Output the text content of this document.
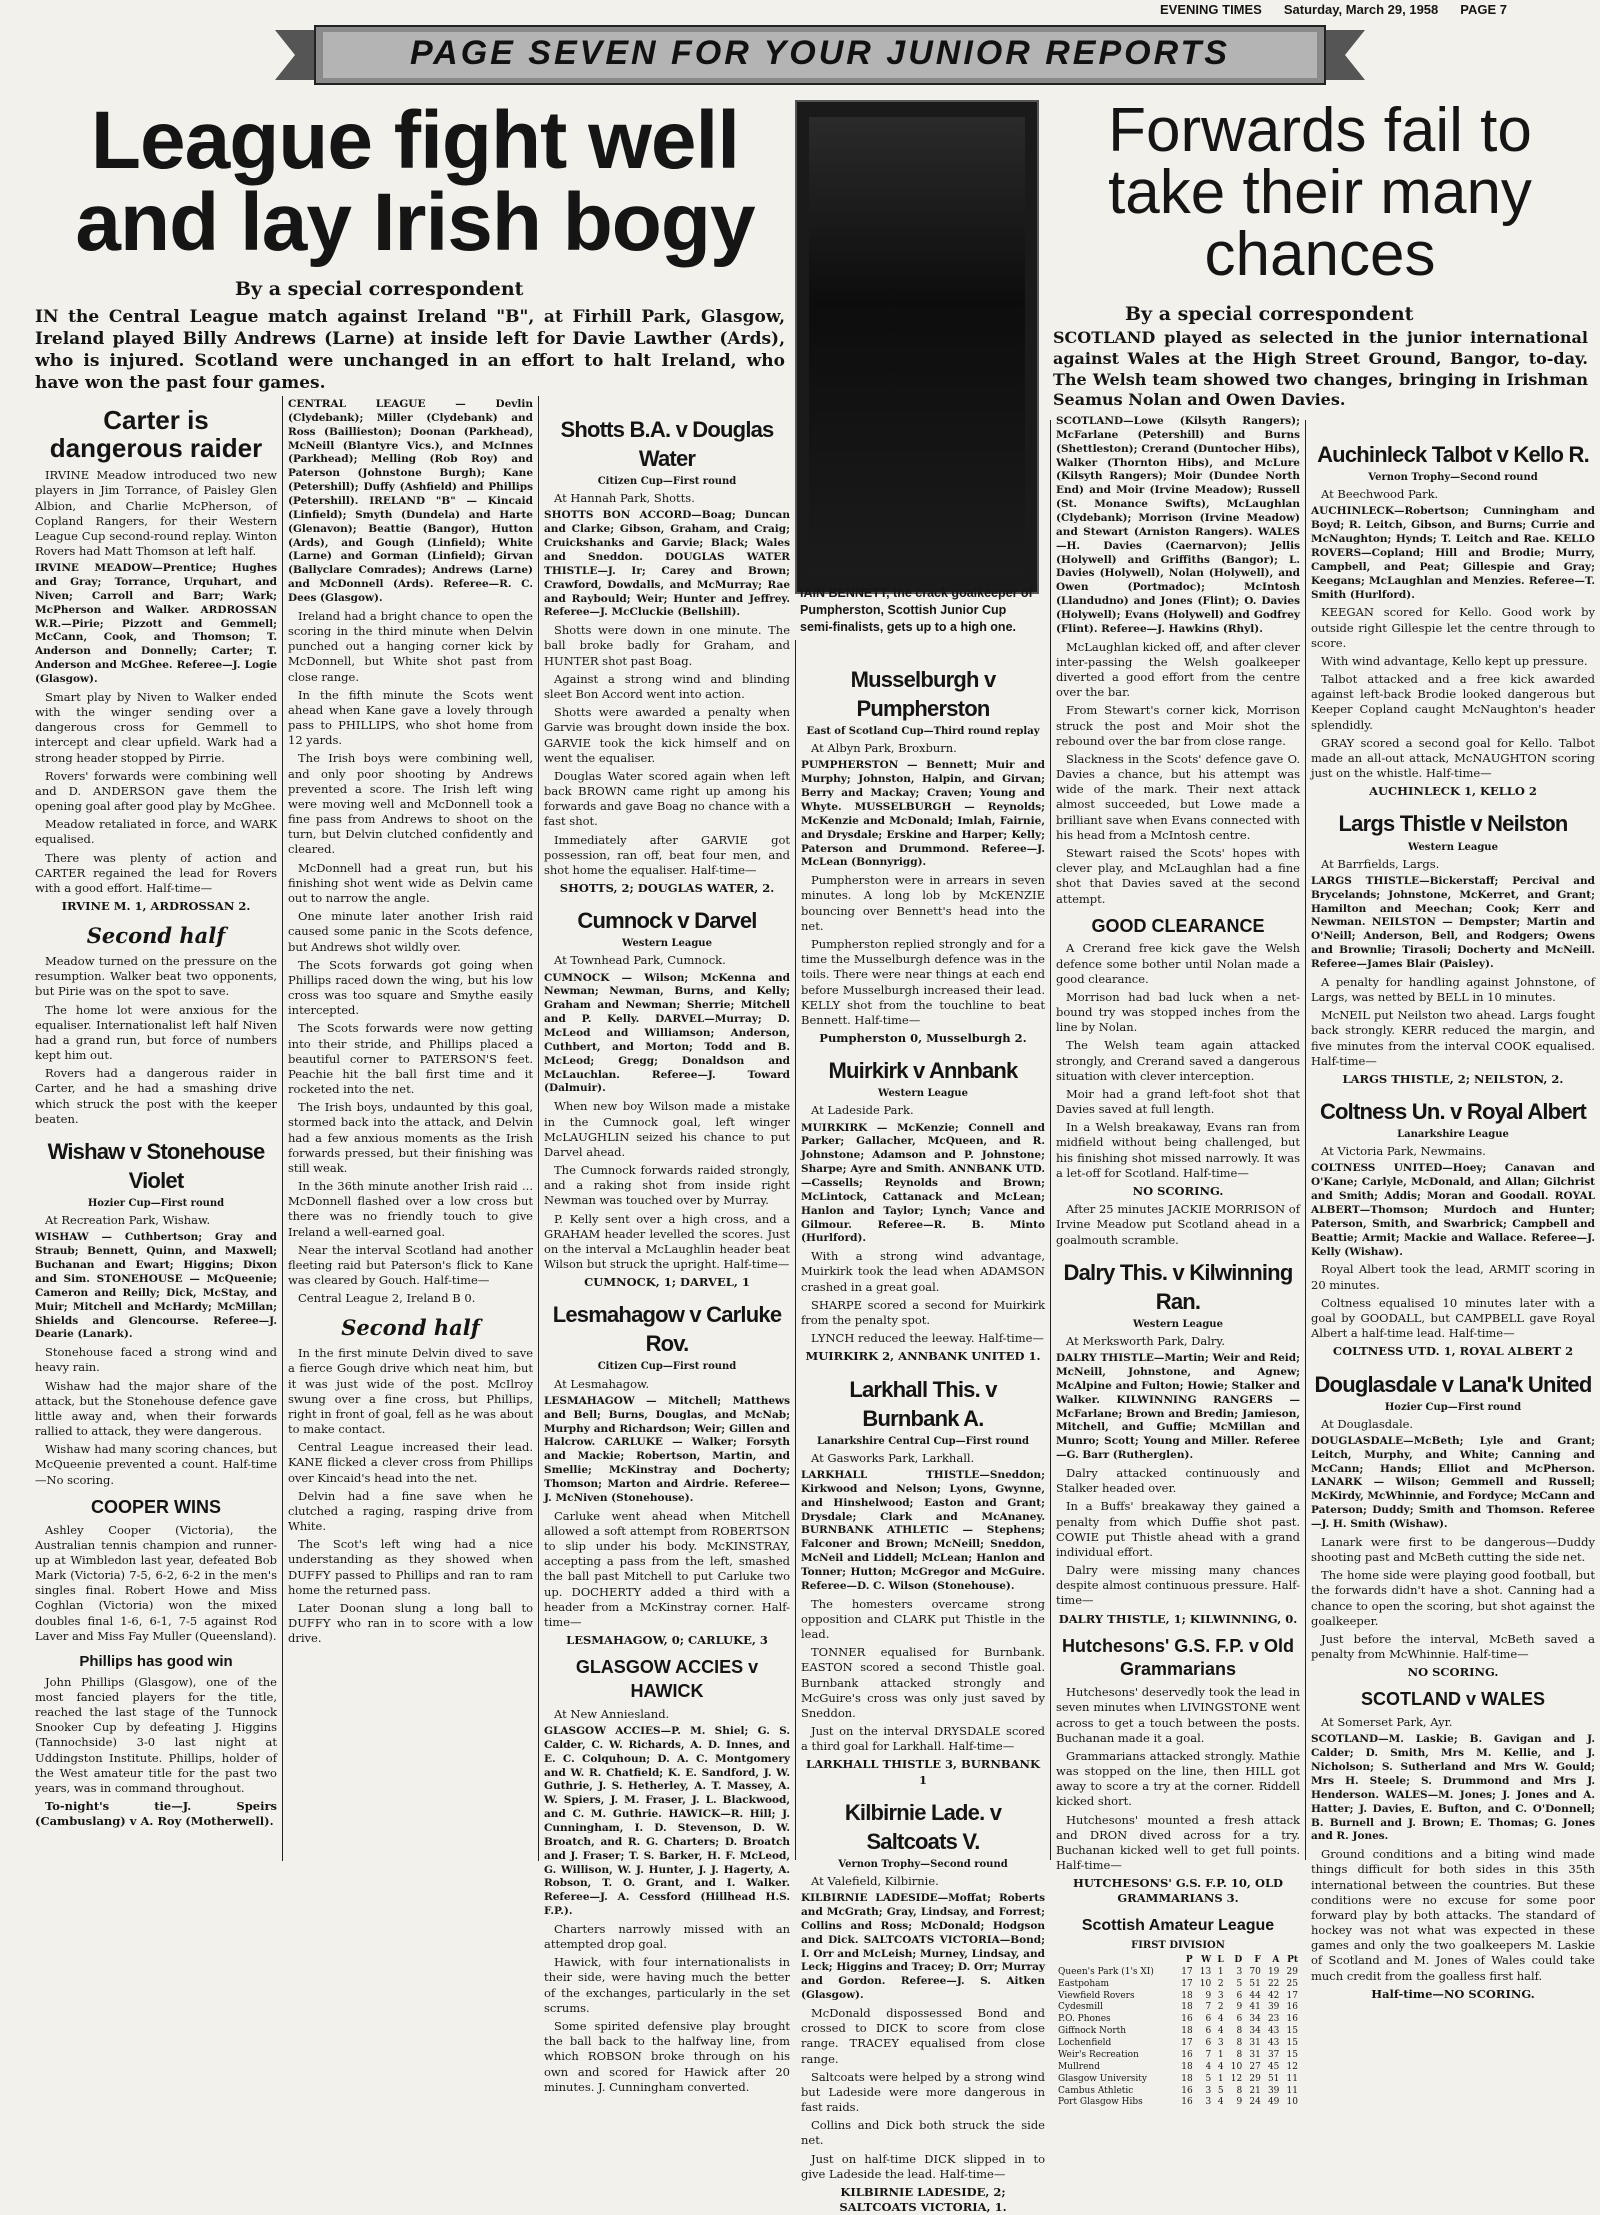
EVENING TIMES Saturday, March 29, 1958 PAGE 7
PAGE SEVEN FOR YOUR JUNIOR REPORTS
League fight well and lay Irish bogy
By a special correspondent
IN the Central League match against Ireland "B", at Firhill Park, Glasgow, Ireland played Billy Andrews (Larne) at inside left for Davie Lawther (Ards), who is injured. Scotland were unchanged in an effort to halt Ireland, who have won the past four games.
IAIN BENNETT, the crack goalkeeper of Pumpherston, Scottish Junior Cup semi-finalists, gets up to a high one.
Forwards fail to take their many chances
By a special correspondent
SCOTLAND played as selected in the junior international against Wales at the High Street Ground, Bangor, to-day. The Welsh team showed two changes, bringing in Irishman Seamus Nolan and Owen Davies.
Carter is dangerous raider

IRVINE Meadow introduced two new players in Jim Torrance, of Paisley Glen Albion, and Charlie McPherson, of Copland Rangers, for their Western League Cup second-round replay. Winton Rovers had Matt Thomson at left half.

IRVINE MEADOW—Prentice; Hughes and Gray; Torrance, Urquhart, and Niven; Carroll and Barr; Wark; McPherson and Walker. ARDROSSAN W.R.—Pirie; Pizzott and Gemmell; McCann, Cook, and Thomson; T. Anderson and Donnelly; Carter; T. Anderson and McGhee. Referee—J. Logie (Glasgow).

Smart play by Niven to Walker ended with the winger sending over a dangerous cross for Gemmell to intercept and clear upfield. Wark had a strong header stopped by Pirrie.

Rovers' forwards were combining well and D. ANDERSON gave them the opening goal after good play by McGhee.

Meadow retaliated in force, and WARK equalised.

There was plenty of action and CARTER regained the lead for Rovers with a good effort. Half-time—

IRVINE M. 1, ARDROSSAN 2.

Second half

Meadow turned on the pressure on the resumption. Walker beat two opponents, but Pirie was on the spot to save.

The home lot were anxious for the equaliser. Internationalist left half Niven had a grand run, but force of numbers kept him out.

Rovers had a dangerous raider in Carter, and he had a smashing drive which struck the post with the keeper beaten.

Wishaw v Stonehouse Violet
Hozier Cup—First round

At Recreation Park, Wishaw.

WISHAW — Cuthbertson; Gray and Straub; Bennett, Quinn, and Maxwell; Buchanan and Ewart; Higgins; Dixon and Sim. STONEHOUSE — McQueenie; Cameron and Reilly; Dick, McStay, and Muir; Mitchell and McHardy; McMillan; Shields and Glencourse. Referee—J. Dearie (Lanark).

Stonehouse faced a strong wind and heavy rain.

Wishaw had the major share of the attack, but the Stonehouse defence gave little away and, when their forwards rallied to attack, they were dangerous.

Wishaw had many scoring chances, but McQueenie prevented a count. Half-time—No scoring.

COOPER WINS

Ashley Cooper (Victoria), the Australian tennis champion and runner-up at Wimbledon last year, defeated Bob Mark (Victoria) 7-5, 6-2, 6-2 in the men's singles final. Robert Howe and Miss Coghlan (Victoria) won the mixed doubles final 1-6, 6-1, 7-5 against Rod Laver and Miss Fay Muller (Queensland).

Phillips has good win

John Phillips (Glasgow), one of the most fancied players for the title, reached the last stage of the Tunnock Snooker Cup by defeating J. Higgins (Tannochside) 3-0 last night at Uddingston Institute. Phillips, holder of the West amateur title for the past two years, was in command throughout.

To-night's tie—J. Speirs (Cambuslang) v A. Roy (Motherwell).

CENTRAL LEAGUE — Devlin (Clydebank); Miller (Clydebank) and Ross (Baillieston); Doonan (Parkhead), McNeill (Blantyre Vics.), and McInnes (Parkhead); Melling (Rob Roy) and Paterson (Johnstone Burgh); Kane (Petershill); Duffy (Ashfield) and Phillips (Petershill). IRELAND "B" — Kincaid (Linfield); Smyth (Dundela) and Harte (Glenavon); Beattie (Bangor), Hutton (Ards), and Gough (Linfield); White (Larne) and Gorman (Linfield); Girvan (Ballyclare Comrades); Andrews (Larne) and McDonnell (Ards). Referee—R. C. Dees (Glasgow).

Ireland had a bright chance to open the scoring in the third minute when Delvin punched out a hanging corner kick by McDonnell, but White shot past from close range.

In the fifth minute the Scots went ahead when Kane gave a lovely through pass to PHILLIPS, who shot home from 12 yards.

The Irish boys were combining well, and only poor shooting by Andrews prevented a score. The Irish left wing were moving well and McDonnell took a fine pass from Andrews to shoot on the turn, but Delvin clutched confidently and cleared.

McDonnell had a great run, but his finishing shot went wide as Delvin came out to narrow the angle.

One minute later another Irish raid caused some panic in the Scots defence, but Andrews shot wildly over.

The Scots forwards got going when Phillips raced down the wing, but his low cross was too square and Smythe easily intercepted.

The Scots forwards were now getting into their stride, and Phillips placed a beautiful corner to PATERSON'S feet. Peachie hit the ball first time and it rocketed into the net.

The Irish boys, undaunted by this goal, stormed back into the attack, and Delvin had a few anxious moments as the Irish forwards pressed, but their finishing was still weak.

In the 36th minute another Irish raid ... McDonnell flashed over a low cross but there was no friendly touch to give Ireland a well-earned goal.

Near the interval Scotland had another fleeting raid but Paterson's flick to Kane was cleared by Gouch. Half-time—

Central League 2, Ireland B 0.

Second half

In the first minute Delvin dived to save a fierce Gough drive which neat him, but it was just wide of the post. McIlroy swung over a fine cross, but Phillips, right in front of goal, fell as he was about to make contact.

Central League increased their lead. KANE flicked a clever cross from Phillips over Kincaid's head into the net.

Delvin had a fine save when he clutched a raging, rasping drive from White.

The Scot's left wing had a nice understanding as they showed when DUFFY passed to Phillips and ran to ram home the returned pass.

Later Doonan slung a long ball to DUFFY who ran in to score with a low drive.

Shotts B.A. v Douglas Water
Citizen Cup—First round

At Hannah Park, Shotts.

SHOTTS BON ACCORD—Boag; Duncan and Clarke; Gibson, Graham, and Craig; Cruickshanks and Garvie; Black; Wales and Sneddon. DOUGLAS WATER THISTLE—J. Ir; Carey and Brown; Crawford, Dowdalls, and McMurray; Rae and Raybould; Weir; Hunter and Jeffrey. Referee—J. McCluckie (Bellshill).

Shotts were down in one minute. The ball broke badly for Graham, and HUNTER shot past Boag.

Against a strong wind and blinding sleet Bon Accord went into action.

Shotts were awarded a penalty when Garvie was brought down inside the box. GARVIE took the kick himself and on went the equaliser.

Douglas Water scored again when left back BROWN came right up among his forwards and gave Boag no chance with a fast shot.

Immediately after GARVIE got possession, ran off, beat four men, and shot home the equaliser. Half-time—

SHOTTS, 2; DOUGLAS WATER, 2.

Cumnock v Darvel
Western League

At Townhead Park, Cumnock.

CUMNOCK — Wilson; McKenna and Newman; Newman, Burns, and Kelly; Graham and Newman; Sherrie; Mitchell and P. Kelly. DARVEL—Murray; D. McLeod and Williamson; Anderson, Cuthbert, and Morton; Todd and B. McLeod; Gregg; Donaldson and McLauchlan. Referee—J. Toward (Dalmuir).

When new boy Wilson made a mistake in the Cumnock goal, left winger McLAUGHLIN seized his chance to put Darvel ahead.

The Cumnock forwards raided strongly, and a raking shot from inside right Newman was touched over by Murray.

P. Kelly sent over a high cross, and a GRAHAM header levelled the scores. Just on the interval a McLaughlin header beat Wilson but struck the upright. Half-time—

CUMNOCK, 1; DARVEL, 1

Lesmahagow v Carluke Rov.
Citizen Cup—First round

At Lesmahagow.

LESMAHAGOW — Mitchell; Matthews and Bell; Burns, Douglas, and McNab; Murphy and Richardson; Weir; Gillen and Halcrow. CARLUKE — Walker; Forsyth and Mackie; Robertson, Martin, and Smellie; McKinstray and Docherty; Thomson; Marton and Airdrie. Referee—J. McNiven (Stonehouse).

Carluke went ahead when Mitchell allowed a soft attempt from ROBERTSON to slip under his body. McKINSTRAY, accepting a pass from the left, smashed the ball past Mitchell to put Carluke two up. DOCHERTY added a third with a header from a McKinstray corner. Half-time—

LESMAHAGOW, 0; CARLUKE, 3

GLASGOW ACCIES v HAWICK

At New Anniesland.

GLASGOW ACCIES—P. M. Shiel; G. S. Calder, C. W. Richards, A. D. Innes, and E. C. Colquhoun; D. A. C. Montgomery and W. R. Chatfield; K. E. Sandford, J. W. Guthrie, J. S. Hetherley, A. T. Massey, A. W. Spiers, J. M. Fraser, J. L. Blackwood, and C. M. Guthrie. HAWICK—R. Hill; J. Cunningham, I. D. Stevenson, D. W. Broatch, and R. G. Charters; D. Broatch and J. Fraser; T. S. Barker, H. F. McLeod, G. Willison, W. J. Hunter, J. J. Hagerty, A. Robson, T. O. Grant, and I. Walker. Referee—J. A. Cessford (Hillhead H.S. F.P.).

Charters narrowly missed with an attempted drop goal.

Hawick, with four internationalists in their side, were having much the better of the exchanges, particularly in the set scrums.

Some spirited defensive play brought the ball back to the halfway line, from which ROBSON broke through on his own and scored for Hawick after 20 minutes. J. Cunningham converted.

Musselburgh v Pumpherston
East of Scotland Cup—Third round replay

At Albyn Park, Broxburn.

PUMPHERSTON — Bennett; Muir and Murphy; Johnston, Halpin, and Girvan; Berry and Mackay; Craven; Young and Whyte. MUSSELBURGH — Reynolds; McKenzie and McDonald; Imlah, Fairnie, and Drysdale; Erskine and Harper; Kelly; Paterson and Drummond. Referee—J. McLean (Bonnyrigg).

Pumpherston were in arrears in seven minutes. A long lob by McKENZIE bouncing over Bennett's head into the net.

Pumpherston replied strongly and for a time the Musselburgh defence was in the toils. There were near things at each end before Musselburgh increased their lead. KELLY shot from the touchline to beat Bennett. Half-time—

Pumpherston 0, Musselburgh 2.

Muirkirk v Annbank
Western League

At Ladeside Park.

MUIRKIRK — McKenzie; Connell and Parker; Gallacher, McQueen, and R. Johnstone; Adamson and P. Johnstone; Sharpe; Ayre and Smith. ANNBANK UTD.—Cassells; Reynolds and Brown; McLintock, Cattanack and McLean; Hanlon and Taylor; Lynch; Vance and Gilmour. Referee—R. B. Minto (Hurlford).

With a strong wind advantage, Muirkirk took the lead when ADAMSON crashed in a great goal.

SHARPE scored a second for Muirkirk from the penalty spot.

LYNCH reduced the leeway. Half-time—

MUIRKIRK 2, ANNBANK UNITED 1.

Larkhall This. v Burnbank A.
Lanarkshire Central Cup—First round

At Gasworks Park, Larkhall.

LARKHALL THISTLE—Sneddon; Kirkwood and Nelson; Lyons, Gwynne, and Hinshelwood; Easton and Grant; Drysdale; Clark and McAnaney. BURNBANK ATHLETIC — Stephens; Falconer and Brown; McNeill; Sneddon, McNeil and Liddell; McLean; Hanlon and Tonner; Hutton; McGregor and McGuire. Referee—D. C. Wilson (Stonehouse).

The homesters overcame strong opposition and CLARK put Thistle in the lead.

TONNER equalised for Burnbank. EASTON scored a second Thistle goal. Burnbank attacked strongly and McGuire's cross was only just saved by Sneddon.

Just on the interval DRYSDALE scored a third goal for Larkhall. Half-time—

LARKHALL THISTLE 3, BURNBANK 1

Kilbirnie Lade. v Saltcoats V.
Vernon Trophy—Second round

At Valefield, Kilbirnie.

KILBIRNIE LADESIDE—Moffat; Roberts and McGrath; Gray, Lindsay, and Forrest; Collins and Ross; McDonald; Hodgson and Dick. SALTCOATS VICTORIA—Bond; I. Orr and McLeish; Murney, Lindsay, and Leck; Higgins and Tracey; D. Orr; Murray and Gordon. Referee—J. S. Aitken (Glasgow).

McDonald dispossessed Bond and crossed to DICK to score from close range. TRACEY equalised from close range.

Saltcoats were helped by a strong wind but Ladeside were more dangerous in fast raids.

Collins and Dick both struck the side net.

Just on half-time DICK slipped in to give Ladeside the lead. Half-time—

KILBIRNIE LADESIDE, 2; SALTCOATS VICTORIA, 1.

SCOTLAND—Lowe (Kilsyth Rangers); McFarlane (Petershill) and Burns (Shettleston); Crerand (Duntocher Hibs), Walker (Thornton Hibs), and McLure (Kilsyth Rangers); Moir (Dundee North End) and Moir (Irvine Meadow); Russell (St. Monance Swifts), McLaughlan (Clydebank); Morrison (Irvine Meadow) and Stewart (Arniston Rangers). WALES—H. Davies (Caernarvon); Jellis (Holywell) and Griffiths (Bangor); L. Davies (Holywell), Nolan (Holywell), and Owen (Portmadoc); McIntosh (Llandudno) and Jones (Flint); O. Davies (Holywell); Evans (Holywell) and Godfrey (Flint). Referee—J. Hawkins (Rhyl).

McLaughlan kicked off, and after clever inter-passing the Welsh goalkeeper diverted a good effort from the centre over the bar.

From Stewart's corner kick, Morrison struck the post and Moir shot the rebound over the bar from close range.

Slackness in the Scots' defence gave O. Davies a chance, but his attempt was wide of the mark. Their next attack almost succeeded, but Lowe made a brilliant save when Evans connected with his head from a McIntosh centre.

Stewart raised the Scots' hopes with clever play, and McLaughlan had a fine shot that Davies saved at the second attempt.

GOOD CLEARANCE

A Crerand free kick gave the Welsh defence some bother until Nolan made a good clearance.

Morrison had bad luck when a net-bound try was stopped inches from the line by Nolan.

The Welsh team again attacked strongly, and Crerand saved a dangerous situation with clever interception.

Moir had a grand left-foot shot that Davies saved at full length.

In a Welsh breakaway, Evans ran from midfield without being challenged, but his finishing shot missed narrowly. It was a let-off for Scotland. Half-time—

NO SCORING.

After 25 minutes JACKIE MORRISON of Irvine Meadow put Scotland ahead in a goalmouth scramble.

Dalry This. v Kilwinning Ran.
Western League

At Merksworth Park, Dalry.

DALRY THISTLE—Martin; Weir and Reid; McNeill, Johnstone, and Agnew; McAlpine and Fulton; Howie; Stalker and Walker. KILWINNING RANGERS — McFarlane; Brown and Bredin; Jamieson, Mitchell, and Guffie; McMillan and Munro; Scott; Young and Miller. Referee—G. Barr (Rutherglen).

Dalry attacked continuously and Stalker headed over.

In a Buffs' breakaway they gained a penalty from which Duffie shot past. COWIE put Thistle ahead with a grand individual effort.

Dalry were missing many chances despite almost continuous pressure. Half-time—

DALRY THISTLE, 1; KILWINNING, 0.

Hutchesons' G.S. F.P. v Old Grammarians

Hutchesons' deservedly took the lead in seven minutes when LIVINGSTONE went across to get a touch between the posts. Buchanan made it a goal.

Grammarians attacked strongly. Mathie was stopped on the line, then HILL got away to score a try at the corner. Riddell kicked short.

Hutchesons' mounted a fresh attack and DRON dived across for a try. Buchanan kicked well to get full points. Half-time—

HUTCHESONS' G.S. F.P. 10, OLD GRAMMARIANS 3.

Scottish Amateur League
FIRST DIVISION
	P	W	L	D	F	A	Pt
Queen's Park (1's XI)	17	13	1	3	70	19	29
Eastpoham	17	10	2	5	51	22	25
Viewfield Rovers	18	9	3	6	44	42	17
Cydesmill	18	7	2	9	41	39	16
P.O. Phones	16	6	4	6	34	23	16
Giffnock North	18	6	4	8	34	43	15
Lochenfield	17	6	3	8	31	43	15
Weir's Recreation	16	7	1	8	31	37	15
Mullrend	18	4	4	10	27	45	12
Glasgow University	18	5	1	12	29	51	11
Cambus Athletic	16	3	5	8	21	39	11
Port Glasgow Hibs	16	3	4	9	24	49	10
Auchinleck Talbot v Kello R.
Vernon Trophy—Second round

At Beechwood Park.

AUCHINLECK—Robertson; Cunningham and Boyd; R. Leitch, Gibson, and Burns; Currie and McNaughton; Hynds; T. Leitch and Rae. KELLO ROVERS—Copland; Hill and Brodie; Murry, Campbell, and Peat; Gillespie and Gray; Keegans; McLaughlan and Menzies. Referee—T. Smith (Hurlford).

KEEGAN scored for Kello. Good work by outside right Gillespie let the centre through to score.

With wind advantage, Kello kept up pressure.

Talbot attacked and a free kick awarded against left-back Brodie looked dangerous but Keeper Copland caught McNaughton's header splendidly.

GRAY scored a second goal for Kello. Talbot made an all-out attack, McNAUGHTON scoring just on the whistle. Half-time—

AUCHINLECK 1, KELLO 2

Largs Thistle v Neilston
Western League

At Barrfields, Largs.

LARGS THISTLE—Bickerstaff; Percival and Brycelands; Johnstone, McKerret, and Grant; Hamilton and Meechan; Cook; Kerr and Newman. NEILSTON — Dempster; Martin and O'Neill; Anderson, Bell, and Rodgers; Owens and Brownlie; Tirasoli; Docherty and McNeill. Referee—James Blair (Paisley).

A penalty for handling against Johnstone, of Largs, was netted by BELL in 10 minutes.

McNEIL put Neilston two ahead. Largs fought back strongly. KERR reduced the margin, and five minutes from the interval COOK equalised. Half-time—

LARGS THISTLE, 2; NEILSTON, 2.

Coltness Un. v Royal Albert
Lanarkshire League

At Victoria Park, Newmains.

COLTNESS UNITED—Hoey; Canavan and O'Kane; Carlyle, McDonald, and Allan; Gilchrist and Smith; Addis; Moran and Goodall. ROYAL ALBERT—Thomson; Murdoch and Hunter; Paterson, Smith, and Swarbrick; Campbell and Beattie; Armit; Mackie and Wallace. Referee—J. Kelly (Wishaw).

Royal Albert took the lead, ARMIT scoring in 20 minutes.

Coltness equalised 10 minutes later with a goal by GOODALL, but CAMPBELL gave Royal Albert a half-time lead. Half-time—

COLTNESS UTD. 1, ROYAL ALBERT 2

Douglasdale v Lana'k United
Hozier Cup—First round

At Douglasdale.

DOUGLASDALE—McBeth; Lyle and Grant; Leitch, Murphy, and White; Canning and McCann; Hands; Elliot and McPherson. LANARK — Wilson; Gemmell and Russell; McKirdy, McWhinnie, and Fordyce; McCann and Paterson; Duddy; Smith and Thomson. Referee—J. H. Smith (Wishaw).

Lanark were first to be dangerous—Duddy shooting past and McBeth cutting the side net.

The home side were playing good football, but the forwards didn't have a shot. Canning had a chance to open the scoring, but shot against the goalkeeper.

Just before the interval, McBeth saved a penalty from McWhinnie. Half-time—

NO SCORING.

SCOTLAND v WALES

At Somerset Park, Ayr.

SCOTLAND—M. Laskie; B. Gavigan and J. Calder; D. Smith, Mrs M. Kellie, and J. Nicholson; S. Sutherland and Mrs W. Gould; Mrs H. Steele; S. Drummond and Mrs J. Henderson. WALES—M. Jones; J. Jones and A. Hatter; J. Davies, E. Bufton, and C. O'Donnell; B. Burnell and J. Brown; E. Thomas; G. Jones and R. Jones.

Ground conditions and a biting wind made things difficult for both sides in this 35th international between the countries. But these conditions were no excuse for some poor forward play by both attacks. The standard of hockey was not what was expected in these games and only the two goalkeepers M. Laskie of Scotland and M. Jones of Wales could take much credit from the goalless first half.

Half-time—NO SCORING.
